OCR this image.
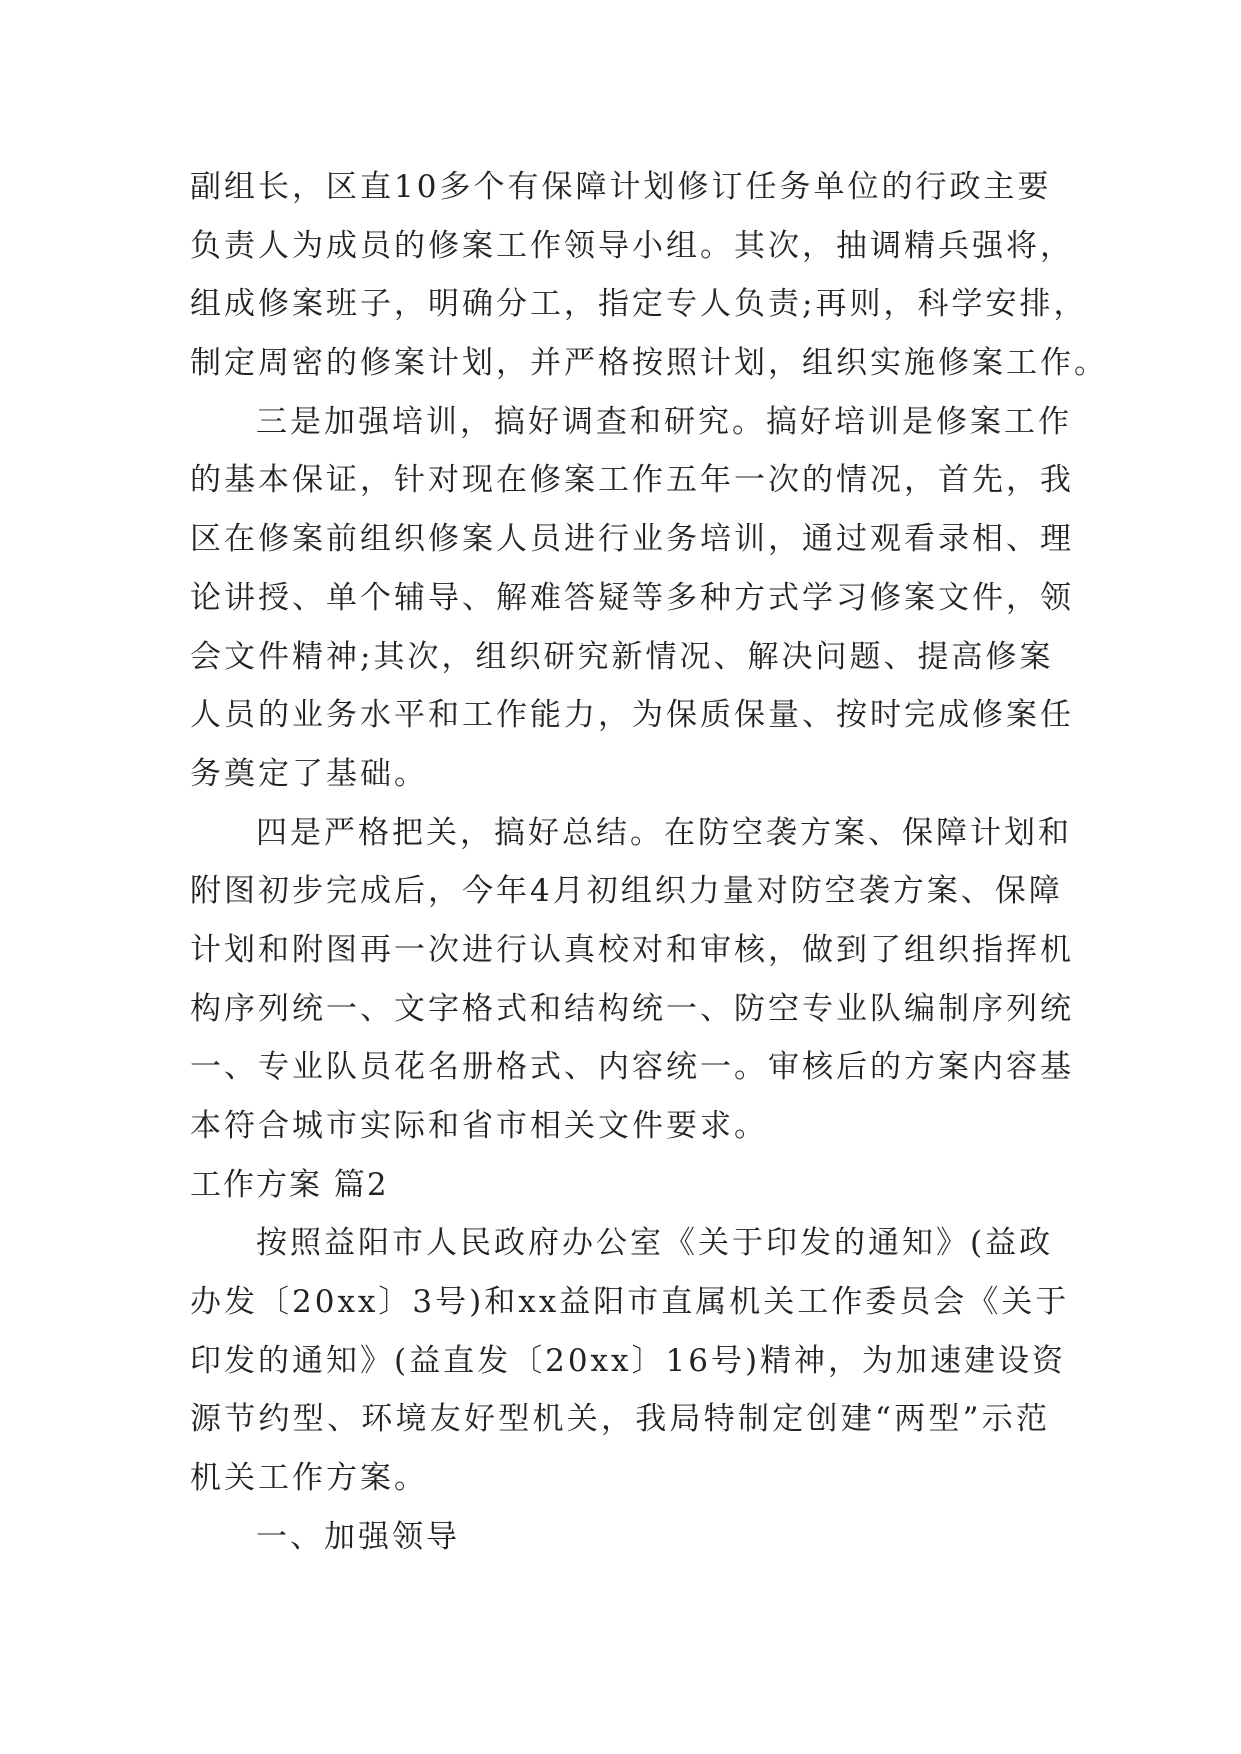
副组长，区直10多个有保障计划修订任务单位的行政主要
负责人为成员的修案工作领导小组。其次，抽调精兵强将，
组成修案班子，明确分工，指定专人负责;再则，科学安排，
制定周密的修案计划，并严格按照计划，组织实施修案工作。
三是加强培训，搞好调查和研究。搞好培训是修案工作
的基本保证，针对现在修案工作五年一次的情况，首先，我
区在修案前组织修案人员进行业务培训，通过观看录相、理
论讲授、单个辅导、解难答疑等多种方式学习修案文件，领
会文件精神;其次，组织研究新情况、解决问题、提高修案
人员的业务水平和工作能力，为保质保量、按时完成修案任
务奠定了基础。
四是严格把关，搞好总结。在防空袭方案、保障计划和
附图初步完成后，今年4月初组织力量对防空袭方案、保障
计划和附图再一次进行认真校对和审核，做到了组织指挥机
构序列统一、文字格式和结构统一、防空专业队编制序列统
一、专业队员花名册格式、内容统一。审核后的方案内容基
本符合城市实际和省市相关文件要求。
工作方案 篇2
按照益阳市人民政府办公室《关于印发的通知》(益政
办发〔20xx〕3号)和xx益阳市直属机关工作委员会《关于
印发的通知》(益直发〔20xx〕16号)精神，为加速建设资
源节约型、环境友好型机关，我局特制定创建“两型”示范
机关工作方案。
一、加强领导
